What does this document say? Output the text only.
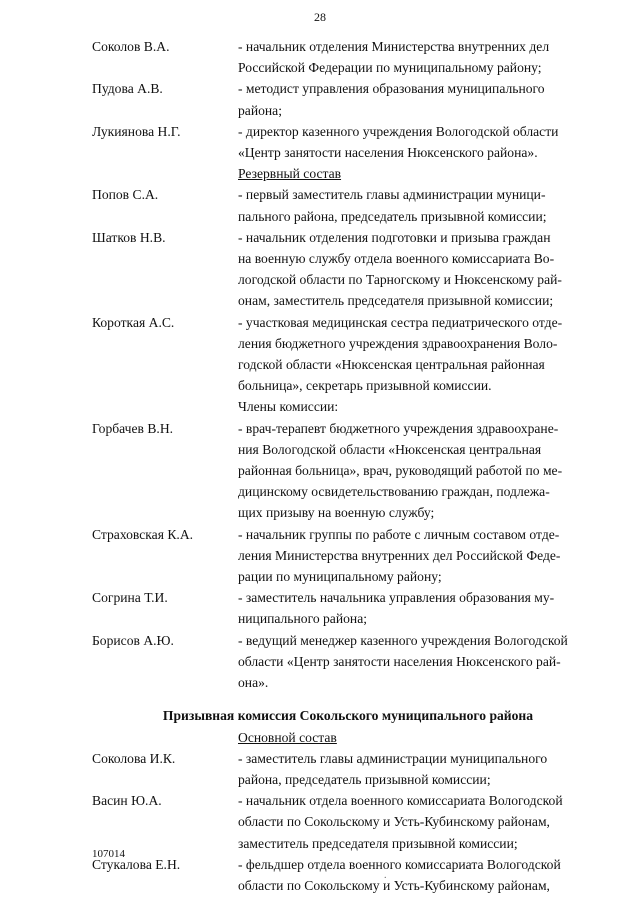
28
Соколов В.А.	- начальник отделения Министерства внутренних дел
Российской Федерации по муниципальному району;
Пудова А.В.	- методист управления образования муниципального
района;
Лукиянова Н.Г.	- директор казенного учреждения Вологодской области
«Центр занятости населения Нюксенского района».
Резервный состав
Попов С.А.	- первый заместитель главы администрации муници-
пального района, председатель призывной комиссии;
Шатков Н.В.	- начальник отделения подготовки и призыва граждан
на военную службу отдела военного комиссариата Во-
логодской области по Тарногскому и Нюксенскому рай-
онам, заместитель председателя призывной комиссии;
Короткая А.С.	- участковая медицинская сестра педиатрического отде-
ления бюджетного учреждения здравоохранения Воло-
годской области «Нюксенская центральная районная
больница», секретарь призывной комиссии.
Члены комиссии:
Горбачев В.Н.	- врач-терапевт бюджетного учреждения здравоохране-
ния Вологодской области «Нюксенская центральная
районная больница», врач, руководящий работой по ме-
дицинскому освидетельствованию граждан, подлежа-
щих призыву на военную службу;
Страховская К.А.	- начальник группы по работе с личным составом отде-
ления Министерства внутренних дел Российской Феде-
рации по муниципальному району;
Согрина Т.И.	- заместитель начальника управления образования му-
ниципального района;
Борисов А.Ю.	- ведущий менеджер казенного учреждения Вологодской
области «Центр занятости населения Нюксенского рай-
она».
Призывная комиссия Сокольского муниципального района
Основной состав
Соколова И.К.	- заместитель главы администрации муниципального
района, председатель призывной комиссии;
Васин Ю.А.	- начальник отдела военного комиссариата Вологодской
области по Сокольскому и Усть-Кубинскому районам,
заместитель председателя призывной комиссии;
Стукалова Е.Н.	- фельдшер отдела военного комиссариата Вологодской
области по Сокольскому и Усть-Кубинскому районам,
107014
.
